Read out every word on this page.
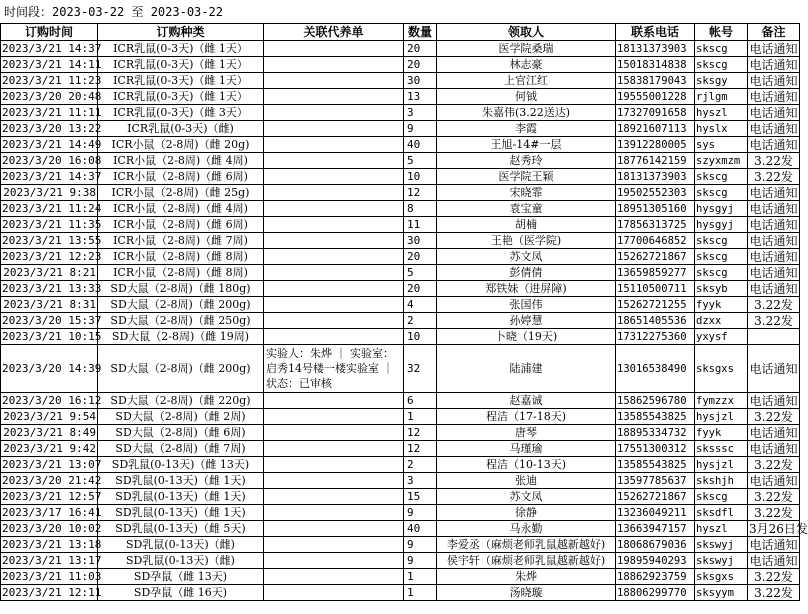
时间段：2023-03-22 至 2023-03-22
订购时间	订购种类	关联代养单	数量	领取人	联系电话	帐号	备注
2023/3/21 14:37	ICR乳鼠(0-3天)（雌 1天）		20	医学院桑瑞	18131373903	skscg	电话通知
2023/3/21 14:11	ICR乳鼠(0-3天)（雌 1天）		20	林志豪	15018314838	skscg	电话通知
2023/3/21 11:23	ICR乳鼠(0-3天)（雌 1天）		30	上官江红	15838179043	sksgy	电话通知
2023/3/20 20:48	ICR乳鼠(0-3天)（雌 1天）		13	何钺	19555001228	rjlgm	电话通知
2023/3/21 11:11	ICR乳鼠(0-3天)（雌 3天）		3	朱嘉伟(3.22送达)	17327091658	hyszl	电话通知
2023/3/20 13:22	ICR乳鼠(0-3天)（雌)		9	李霞	18921607113	hyslx	电话通知
2023/3/21 14:49	ICR小鼠（2-8周)（雌 20g)		40	王旭-14#一层	13912280005	sys	电话通知
2023/3/20 16:08	ICR小鼠（2-8周)（雌 4周)		5	赵秀玲	18776142159	szyxmzm	3.22发
2023/3/21 14:37	ICR小鼠（2-8周)（雌 6周)		10	医学院王颖	18131373903	skscg	3.22发
2023/3/21 9:38	ICR小鼠（2-8周)（雌 25g)		12	宋晓霏	19502552303	skscg	电话通知
2023/3/21 11:24	ICR小鼠（2-8周)（雌 4周)		8	袁宝童	18951305160	hysgyj	电话通知
2023/3/21 11:35	ICR小鼠（2-8周)（雌 6周)		11	胡楠	17856313725	hysgyj	电话通知
2023/3/21 13:55	ICR小鼠（2-8周)（雌 7周)		30	王艳（医学院)	17700646852	skscg	电话通知
2023/3/21 12:23	ICR小鼠（2-8周)（雌 8周)		20	苏文凤	15262721867	skscg	电话通知
2023/3/21 8:21	ICR小鼠（2-8周)（雌 8周)		5	彭倩倩	13659859277	skscg	电话通知
2023/3/21 13:33	SD大鼠（2-8周)（雌 180g)		20	郑铁妹（进屏障)	15110500711	sksyb	电话通知
2023/3/21 8:31	SD大鼠（2-8周)（雌 200g)		4	张国伟	15262721255	fyyk	3.22发
2023/3/20 15:37	SD大鼠（2-8周)（雌 250g)		2	孙婷慧	18651405536	dzxx	3.22发
2023/3/21 10:15	SD大鼠（2-8周)（雌 19周)		10	卜晓（19天)	17312275360	yxysf	
2023/3/20 14:39	SD大鼠（2-8周)（雌 200g)	实验人：朱烨 ｜ 实验室：启秀14号楼一楼实验室 ｜ 状态：已审核	32	陆浦建	13016538490	sksgxs	电话通知
2023/3/20 16:12	SD大鼠（2-8周)（雌 220g)		6	赵嘉诚	15862596780	fymzzx	电话通知
2023/3/21 9:54	SD大鼠（2-8周)（雌 2周)		1	程洁（17-18天)	13585543825	hysjzl	3.22发
2023/3/21 8:49	SD大鼠（2-8周)（雌 6周)		12	唐琴	18895334732	fyyk	电话通知
2023/3/21 9:42	SD大鼠（2-8周)（雌 7周)		12	马瑾瑜	17551300312	sksssc	电话通知
2023/3/21 13:07	SD乳鼠(0-13天)（雌 13天)		2	程洁（10-13天)	13585543825	hysjzl	3.22发
2023/3/20 21:42	SD乳鼠(0-13天)（雌 1天)		3	张迪	13597785637	skshjh	电话通知
2023/3/21 12:57	SD乳鼠(0-13天)（雌 1天)		15	苏文凤	15262721867	skscg	3.22发
2023/3/17 16:41	SD乳鼠(0-13天)（雌 1天)		9	徐静	13236049211	sksdfl	3.22发
2023/3/20 10:02	SD乳鼠(0-13天)（雌 5天)		40	马永勤	13663947157	hyszl	3月26日发
2023/3/21 13:18	SD乳鼠(0-13天)（雌)		9	李爱丞（麻烦老师乳鼠越新越好)	18068679036	skswyj	电话通知
2023/3/21 13:17	SD乳鼠(0-13天)（雌)		9	侯宇轩（麻烦老师乳鼠越新越好)	19895940293	skswyj	电话通知
2023/3/21 11:03	SD孕鼠（雌 13天)		1	朱烨	18862923759	sksgxs	3.22发
2023/3/21 12:11	SD孕鼠（雌 16天)		1	汤晓璇	18806299770	sksyym	3.22发
